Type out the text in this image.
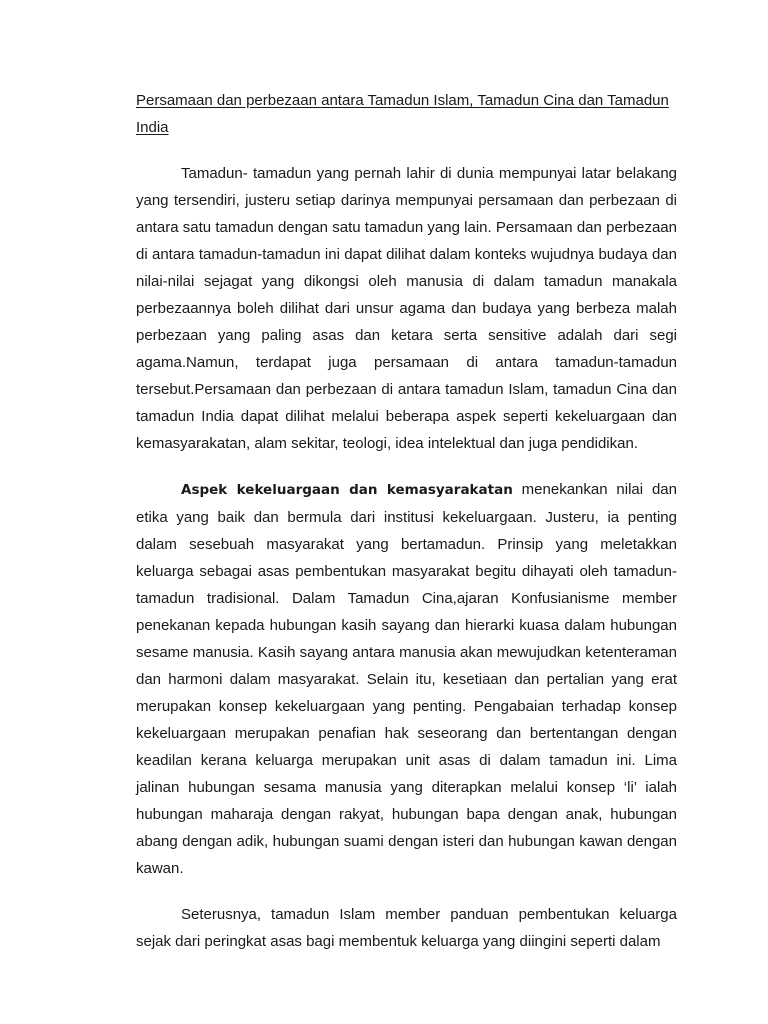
Persamaan dan perbezaan antara Tamadun Islam, Tamadun Cina dan Tamadun India

Tamadun- tamadun yang pernah lahir di dunia mempunyai latar belakang yang tersendiri, justeru setiap darinya mempunyai persamaan dan perbezaan di antara satu tamadun dengan satu tamadun yang lain. Persamaan dan perbezaan di antara tamadun-tamadun ini dapat dilihat dalam konteks wujudnya budaya dan nilai-nilai sejagat yang dikongsi oleh manusia di dalam tamadun manakala perbezaannya boleh dilihat dari unsur agama dan budaya yang berbeza malah perbezaan yang paling asas dan ketara serta sensitive adalah dari segi agama.Namun, terdapat juga persamaan di antara tamadun-tamadun tersebut.Persamaan dan perbezaan di antara tamadun Islam, tamadun Cina dan tamadun India dapat dilihat melalui beberapa aspek seperti kekeluargaan dan kemasyarakatan, alam sekitar, teologi, idea intelektual dan juga pendidikan.

Aspek kekeluargaan dan kemasyarakatan menekankan nilai dan etika yang baik dan bermula dari institusi kekeluargaan. Justeru, ia penting dalam sesebuah masyarakat yang bertamadun. Prinsip yang meletakkan keluarga sebagai asas pembentukan masyarakat begitu dihayati oleh tamadun- tamadun tradisional. Dalam Tamadun Cina,ajaran Konfusianisme member penekanan kepada hubungan kasih sayang dan hierarki kuasa dalam hubungan sesame manusia. Kasih sayang antara manusia akan mewujudkan ketenteraman dan harmoni dalam masyarakat. Selain itu, kesetiaan dan pertalian yang erat merupakan konsep kekeluargaan yang penting. Pengabaian terhadap konsep kekeluargaan merupakan penafian hak seseorang dan bertentangan dengan keadilan kerana keluarga merupakan unit asas di dalam tamadun ini. Lima jalinan hubungan sesama manusia yang diterapkan melalui konsep ‘li’ ialah hubungan maharaja dengan rakyat, hubungan bapa dengan anak, hubungan abang dengan adik, hubungan suami dengan isteri dan hubungan kawan dengan kawan.

Seterusnya, tamadun Islam member panduan pembentukan keluarga sejak dari peringkat asas bagi membentuk keluarga yang diingini seperti dalam
